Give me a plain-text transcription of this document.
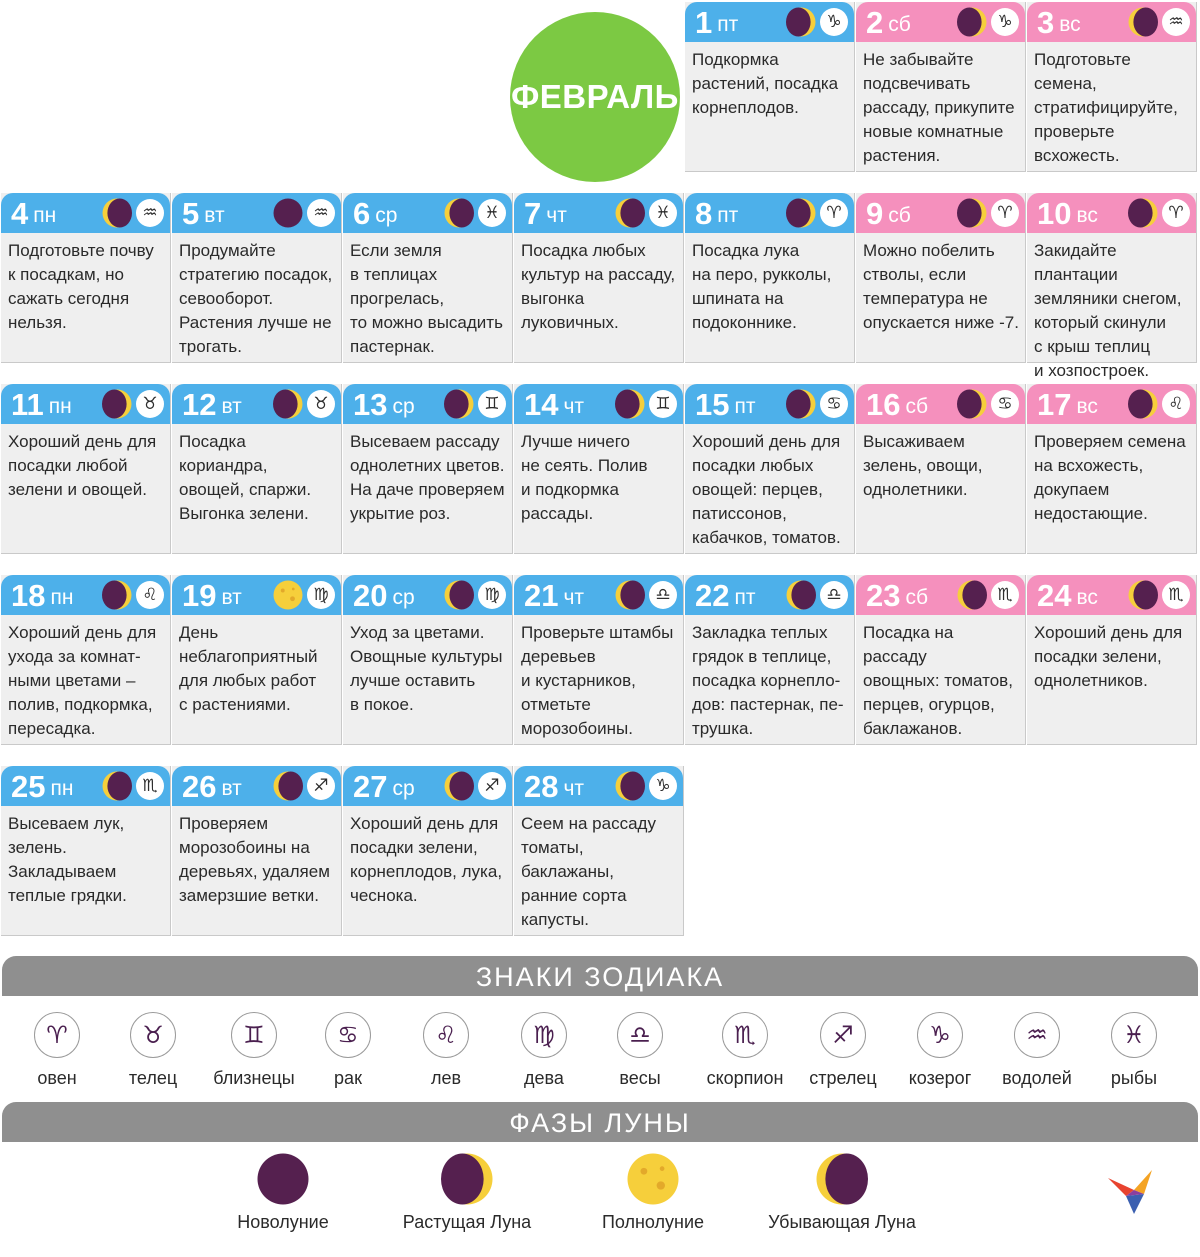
ФЕВРАЛЬ
1 пт	♑
Подкормка
растений, посадка
корнеплодов.
2 сб	♑
Не забывайте
подсвечивать
рассаду, прикупите
новые комнатные
растения.
3 вс	♒
Подготовьте
семена,
стратифицируйте,
проверьте
всхожесть.
4 пн	♒
Подготовьте почву
к посадкам, но
сажать сегодня
нельзя.
5 вт	♒
Продумайте
стратегию посадок,
севооборот.
Растения лучше не
трогать.
6 ср	♓
Если земля
в теплицах
прогрелась,
то можно высадить
пастернак.
7 чт	♓
Посадка любых
культур на рассаду,
выгонка
луковичных.
8 пт	♈
Посадка лука
на перо, рукколы,
шпината на
подоконнике.
9 сб	♈
Можно побелить
стволы, если
температура не
опускается ниже -7.
10 вс	♈
Закидайте плантации
земляники снегом,
который скинули
с крыш теплиц
и хозпостроек.
11 пн	♉
Хороший день для
посадки любой
зелени и овощей.
12 вт	♉
Посадка
кориандра,
овощей, спаржи.
Выгонка зелени.
13 ср	♊
Высеваем рассаду
однолетних цветов.
На даче проверяем
укрытие роз.
14 чт	♊
Лучше ничего
не сеять. Полив
и подкормка
рассады.
15 пт	♋
Хороший день для
посадки любых
овощей: перцев,
патиссонов,
кабачков, томатов.
16 сб	♋
Высаживаем
зелень, овощи,
однолетники.
17 вс	♌
Проверяем семена
на всхожесть,
докупаем
недостающие.
18 пн	♌
Хороший день для
ухода за комнат-
ными цветами –
полив, подкормка,
пересадка.
19 вт	♍
День
неблагоприятный
для любых работ
с растениями.
20 ср	♍
Уход за цветами.
Овощные культуры
лучше оставить
в покое.
21 чт	♎
Проверьте штамбы
деревьев
и кустарников,
отметьте
морозобоины.
22 пт	♎
Закладка теплых
грядок в теплице,
посадка корнепло-
дов: пастернак, пе-
трушка.
23 сб	♏
Посадка на рассаду
овощных: томатов,
перцев, огурцов,
баклажанов.
24 вс	♏
Хороший день для
посадки зелени,
однолетников.
25 пн	♏
Высеваем лук,
зелень.
Закладываем
теплые грядки.
26 вт	♐
Проверяем
морозобоины на
деревьях, удаляем
замерзшие ветки.
27 ср	♐
Хороший день для
посадки зелени,
корнеплодов, лука,
чеснока.
28 чт	♑
Сеем на рассаду
томаты,
баклажаны,
ранние сорта
капусты.
ЗНАКИ ЗОДИАКА
♈
овен
♉
телец
♊
близнецы
♋
рак
♌
лев
♍
дева
♎
весы
♏
скорпион
♐
стрелец
♑
козерог
♒
водолей
♓
рыбы
ФАЗЫ ЛУНЫ
Новолуние	Растущая Луна	Полнолуние	Убывающая Луна
